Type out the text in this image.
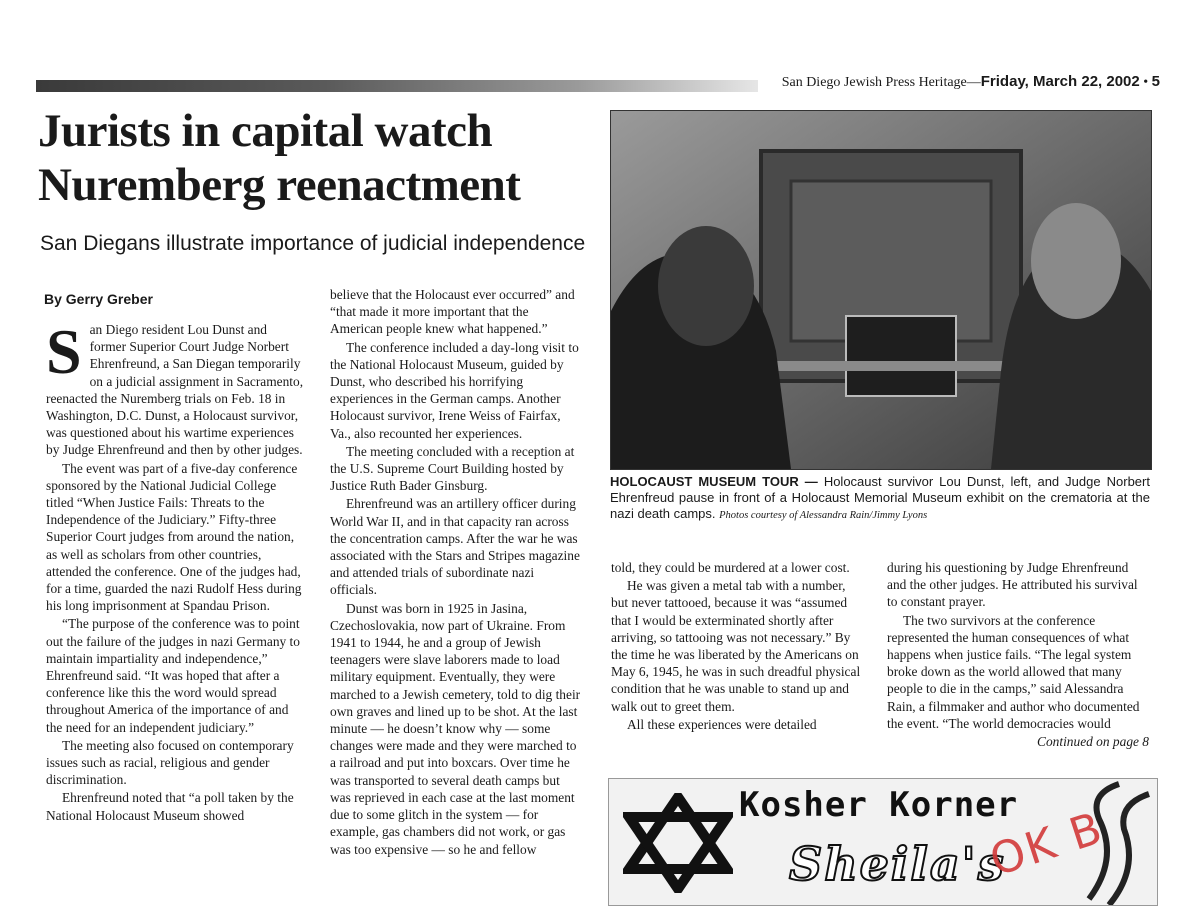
San Diego Jewish Press Heritage—Friday, March 22, 2002 • 5
Jurists in capital watch Nuremberg reenactment
San Diegans illustrate importance of judicial independence
By Gerry Greber

San Diego resident Lou Dunst and former Superior Court Judge Norbert Ehrenfreund, a San Diegan temporarily on a judicial assignment in Sacramento, reenacted the Nuremberg trials on Feb. 18 in Washington, D.C. Dunst, a Holocaust survivor, was questioned about his wartime experiences by Judge Ehrenfreund and then by other judges.

The event was part of a five-day conference sponsored by the National Judicial College titled “When Justice Fails: Threats to the Independence of the Judiciary.” Fifty-three Superior Court judges from around the nation, as well as scholars from other countries, attended the conference. One of the judges had, for a time, guarded the nazi Rudolf Hess during his long imprisonment at Spandau Prison.

“The purpose of the conference was to point out the failure of the judges in nazi Germany to maintain impartiality and independence,” Ehrenfreund said. “It was hoped that after a conference like this the word would spread throughout America of the importance of and the need for an independent judiciary.”

The meeting also focused on contemporary issues such as racial, religious and gender discrimination.

Ehrenfreund noted that “a poll taken by the National Holocaust Museum showed

believe that the Holocaust ever occurred” and “that made it more important that the American people knew what happened.”

The conference included a day-long visit to the National Holocaust Museum, guided by Dunst, who described his horrifying experiences in the German camps. Another Holocaust survivor, Irene Weiss of Fairfax, Va., also recounted her experiences.

The meeting concluded with a reception at the U.S. Supreme Court Building hosted by Justice Ruth Bader Ginsburg.

Ehrenfreund was an artillery officer during World War II, and in that capacity ran across the concentration camps. After the war he was associated with the Stars and Stripes magazine and attended trials of subordinate nazi officials.

Dunst was born in 1925 in Jasina, Czechoslovakia, now part of Ukraine. From 1941 to 1944, he and a group of Jewish teenagers were slave laborers made to load military equipment. Eventually, they were marched to a Jewish cemetery, told to dig their own graves and lined up to be shot. At the last minute — he doesn’t know why — some changes were made and they were marched to a railroad and put into boxcars. Over time he was transported to several death camps but was reprieved in each case at the last moment due to some glitch in the system — for example, gas chambers did not work, or gas was too expensive — so he and fellow

HOLOCAUST MUSEUM TOUR — Holocaust survivor Lou Dunst, left, and Judge Norbert Ehrenfreud pause in front of a Holocaust Memorial Museum exhibit on the crematoria at the nazi death camps. Photos courtesy of Alessandra Rain/Jimmy Lyons

told, they could be murdered at a lower cost.

He was given a metal tab with a number, but never tattooed, because it was “assumed that I would be exterminated shortly after arriving, so tattooing was not necessary.” By the time he was liberated by the Americans on May 6, 1945, he was in such dreadful physical condition that he was unable to stand up and walk out to greet them.

All these experiences were detailed

during his questioning by Judge Ehrenfreund and the other judges. He attributed his survival to constant prayer.

The two survivors at the conference represented the human consequences of what happens when justice fails. “The legal system broke down as the world allowed that many people to die in the camps,” said Alessandra Rain, a filmmaker and author who documented the event. “The world democracies would

Continued on page 8

Kosher Korner
Sheila's
OK B
